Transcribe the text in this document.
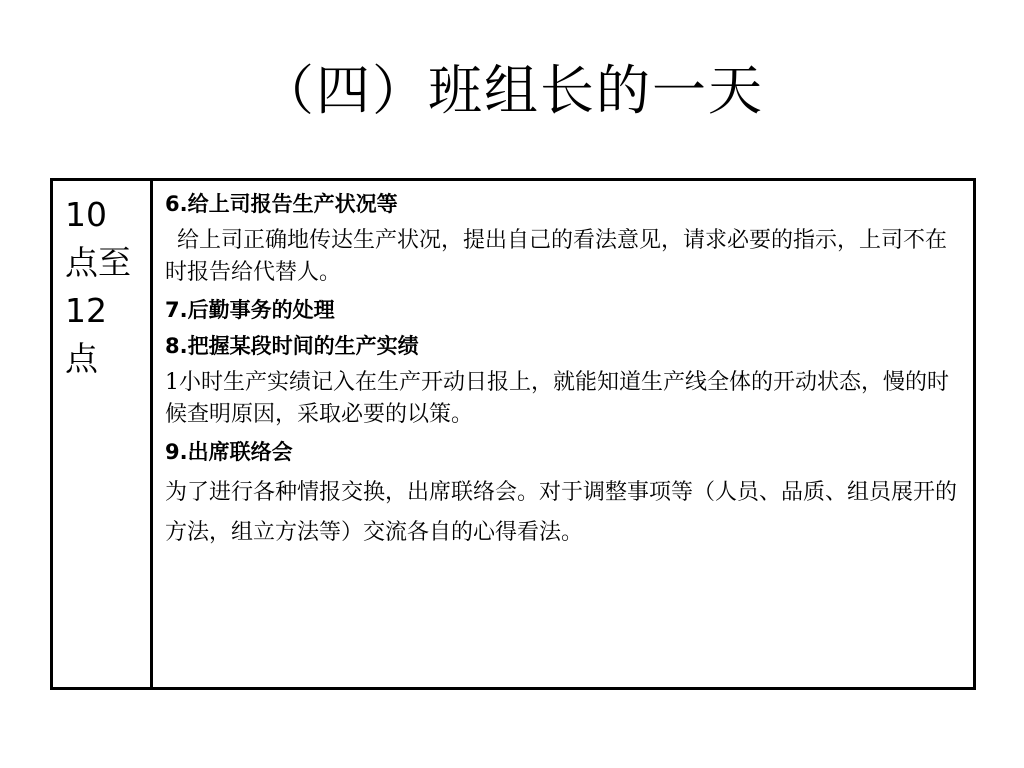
（四）班组长的一天
10
点至
12
点
6.给上司报告生产状况等
给上司正确地传达生产状况，提出自己的看法意见，请求必要的指示，上司不在时报告给代替人。
7.后勤事务的处理
8.把握某段时间的生产实绩
1小时生产实绩记入在生产开动日报上，就能知道生产线全体的开动状态，慢的时候查明原因，采取必要的以策。
9.出席联络会
为了进行各种情报交换，出席联络会。对于调整事项等（人员、品质、组员展开的方法，组立方法等）交流各自的心得看法。
